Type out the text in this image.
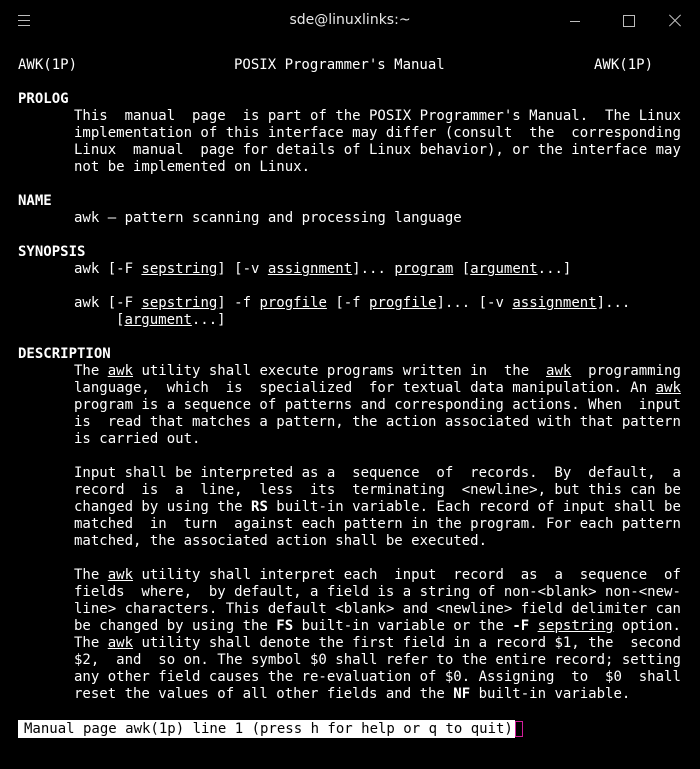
sde@linuxlinks:~
AWK(1P)	POSIX Programmer's Manual	AWK(1P)
PROLOG
This  manual  page  is part of the POSIX Programmer's Manual.  The Linux
implementation of this interface may differ (consult  the  corresponding
Linux  manual  page for details of Linux behavior), or the interface may
not be implemented on Linux.
NAME
awk — pattern scanning and processing language
SYNOPSIS
awk [-F sepstring] [-v assignment]... program [argument...]
awk [-F sepstring] -f progfile [-f progfile]... [-v assignment]...
[argument...]
DESCRIPTION
The awk utility shall execute programs written in  the  awk  programming
language,  which  is  specialized  for textual data manipulation. An awk
program is a sequence of patterns and corresponding actions. When  input
is  read that matches a pattern, the action associated with that pattern
is carried out.
Input shall be interpreted as a  sequence  of  records.  By  default,  a
record  is  a  line,  less  its  terminating  <newline>, but this can be
changed by using the RS built-in variable. Each record of input shall be
matched  in  turn  against each pattern in the program. For each pattern
matched, the associated action shall be executed.
The awk utility shall interpret each  input  record  as  a  sequence  of
fields  where,  by default, a field is a string of non-<blank> non-<new‐
line> characters. This default <blank> and <newline> field delimiter can
be changed by using the FS built-in variable or the -F sepstring option.
The awk utility shall denote the first field in a record $1, the  second
$2,  and  so on. The symbol $0 shall refer to the entire record; setting
any other field causes the re-evaluation of $0. Assigning  to  $0  shall
reset the values of all other fields and the NF built-in variable.
Manual page awk(1p) line 1 (press h for help or q to quit)
